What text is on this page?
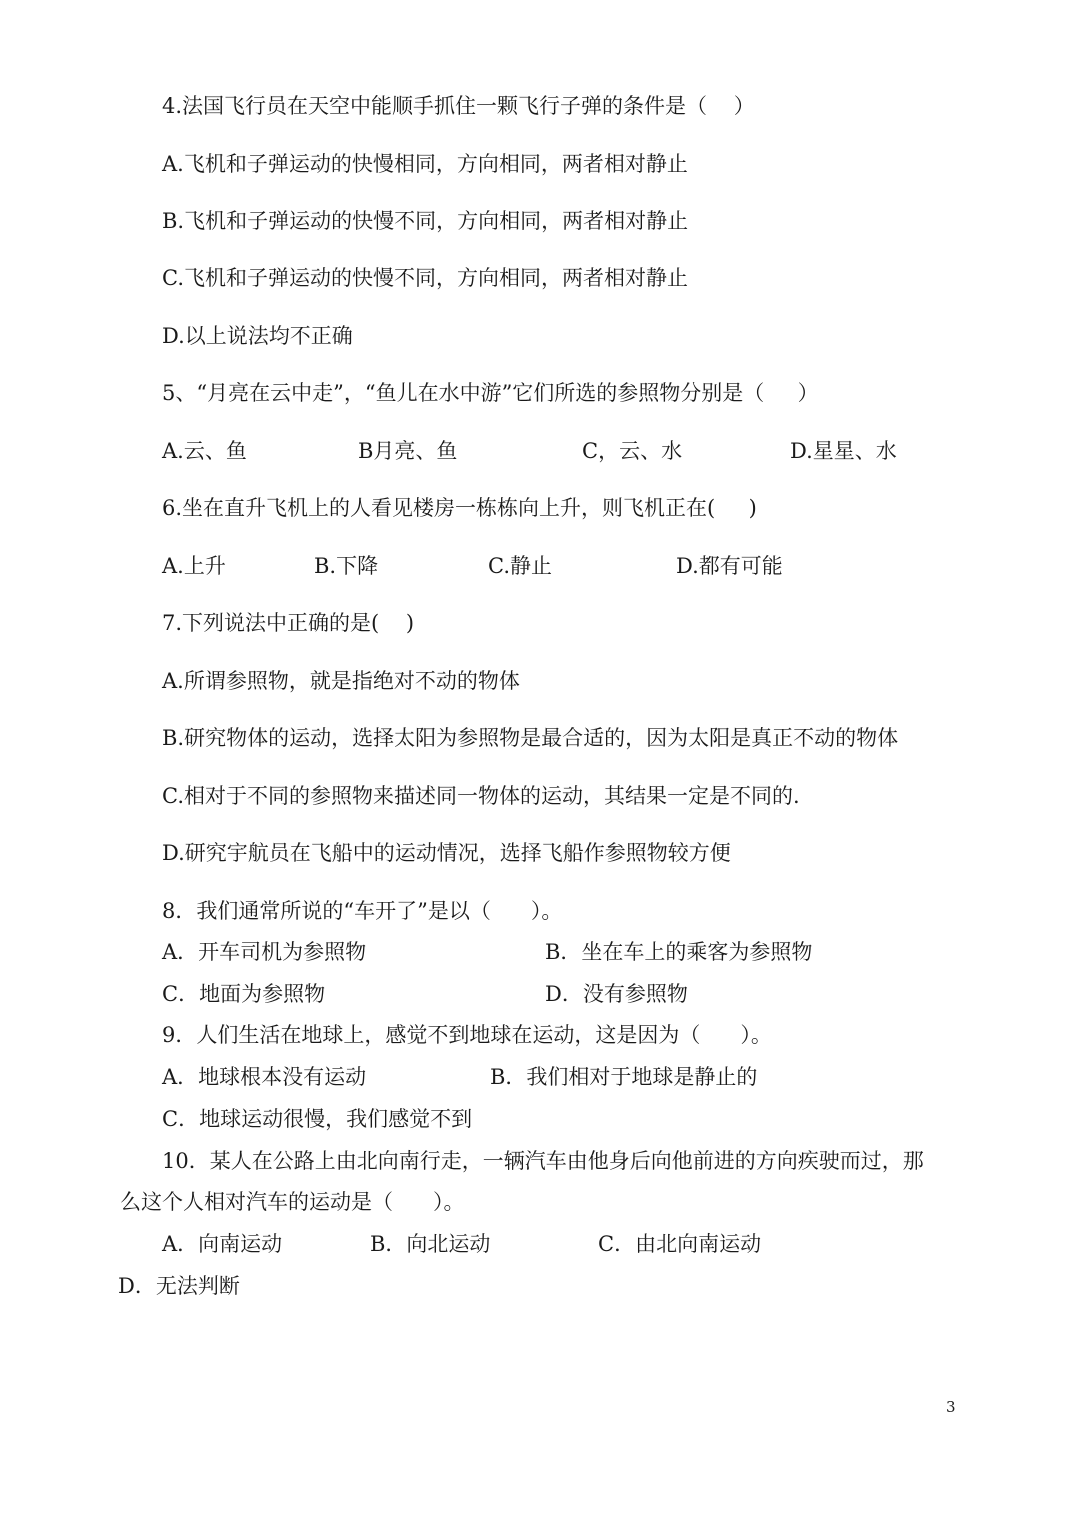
4.法国飞行员在天空中能顺手抓住一颗飞行子弹的条件是（    ）
A.飞机和子弹运动的快慢相同，方向相同，两者相对静止
B.飞机和子弹运动的快慢不同，方向相同，两者相对静止
C.飞机和子弹运动的快慢不同，方向相同，两者相对静止
D.以上说法均不正确
5、“月亮在云中走”，“鱼儿在水中游”它们所选的参照物分别是（     ）
A.云、鱼	B月亮、鱼	C，云、水	D.星星、水
6.坐在直升飞机上的人看见楼房一栋栋向上升，则飞机正在(     )
A.上升	B.下降	C.静止	D.都有可能
7.下列说法中正确的是(    )
A.所谓参照物，就是指绝对不动的物体
B.研究物体的运动，选择太阳为参照物是最合适的，因为太阳是真正不动的物体
C.相对于不同的参照物来描述同一物体的运动，其结果一定是不同的.
D.研究宇航员在飞船中的运动情况，选择飞船作参照物较方便
8．我们通常所说的“车开了”是以（      ）。
A．开车司机为参照物	B．坐在车上的乘客为参照物
C．地面为参照物	D．没有参照物
9．人们生活在地球上，感觉不到地球在运动，这是因为（      ）。
A．地球根本没有运动	B．我们相对于地球是静止的
C．地球运动很慢，我们感觉不到
10．某人在公路上由北向南行走，一辆汽车由他身后向他前进的方向疾驶而过，那
么这个人相对汽车的运动是（      ）。
A．向南运动	B．向北运动	C．由北向南运动
D．无法判断
3
